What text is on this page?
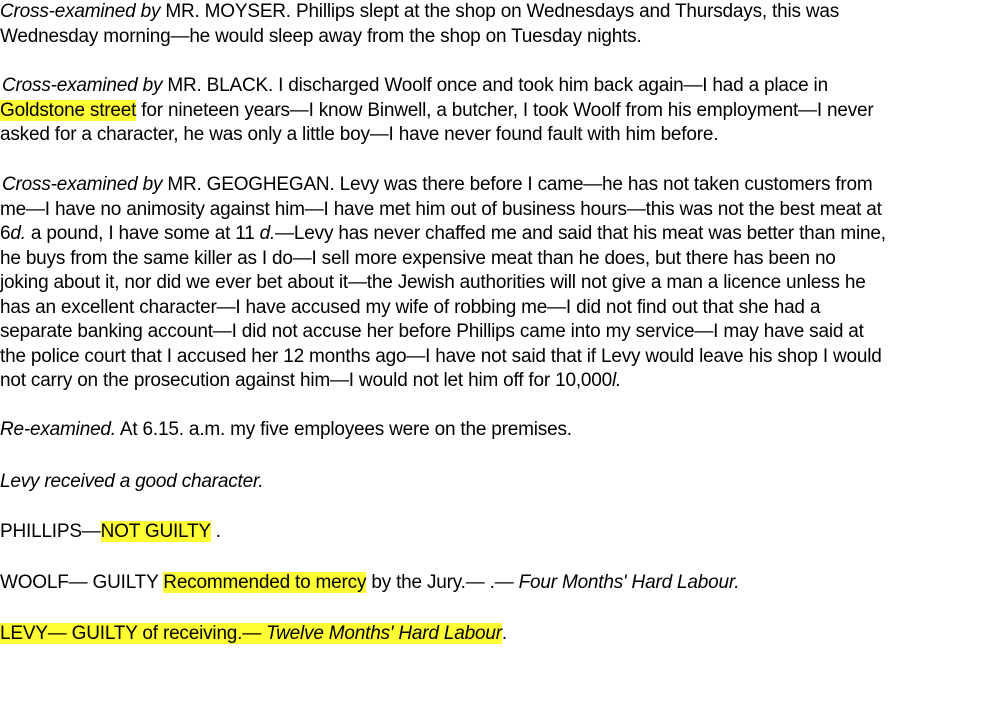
Cross-examined by MR. MOYSER. Phillips slept at the shop on Wednesdays and Thursdays, this was
Wednesday morning—he would sleep away from the shop on Tuesday nights.
Cross-examined by MR. BLACK. I discharged Woolf once and took him back again—I had a place in
Goldstone street for nineteen years—I know Binwell, a butcher, I took Woolf from his employment—I never
asked for a character, he was only a little boy—I have never found fault with him before.
Cross-examined by MR. GEOGHEGAN. Levy was there before I came—he has not taken customers from
me—I have no animosity against him—I have met him out of business hours—this was not the best meat at
6d. a pound, I have some at 11 d.—Levy has never chaffed me and said that his meat was better than mine,
he buys from the same killer as I do—I sell more expensive meat than he does, but there has been no
joking about it, nor did we ever bet about it—the Jewish authorities will not give a man a licence unless he
has an excellent character—I have accused my wife of robbing me—I did not find out that she had a
separate banking account—I did not accuse her before Phillips came into my service—I may have said at
the police court that I accused her 12 months ago—I have not said that if Levy would leave his shop I would
not carry on the prosecution against him—I would not let him off for 10,000l.
Re-examined. At 6.15. a.m. my five employees were on the premises.
Levy received a good character.
PHILLIPS—NOT GUILTY .
WOOLF— GUILTY Recommended to mercy by the Jury.— .— Four Months' Hard Labour.
LEVY— GUILTY of receiving.— Twelve Months' Hard Labour.
